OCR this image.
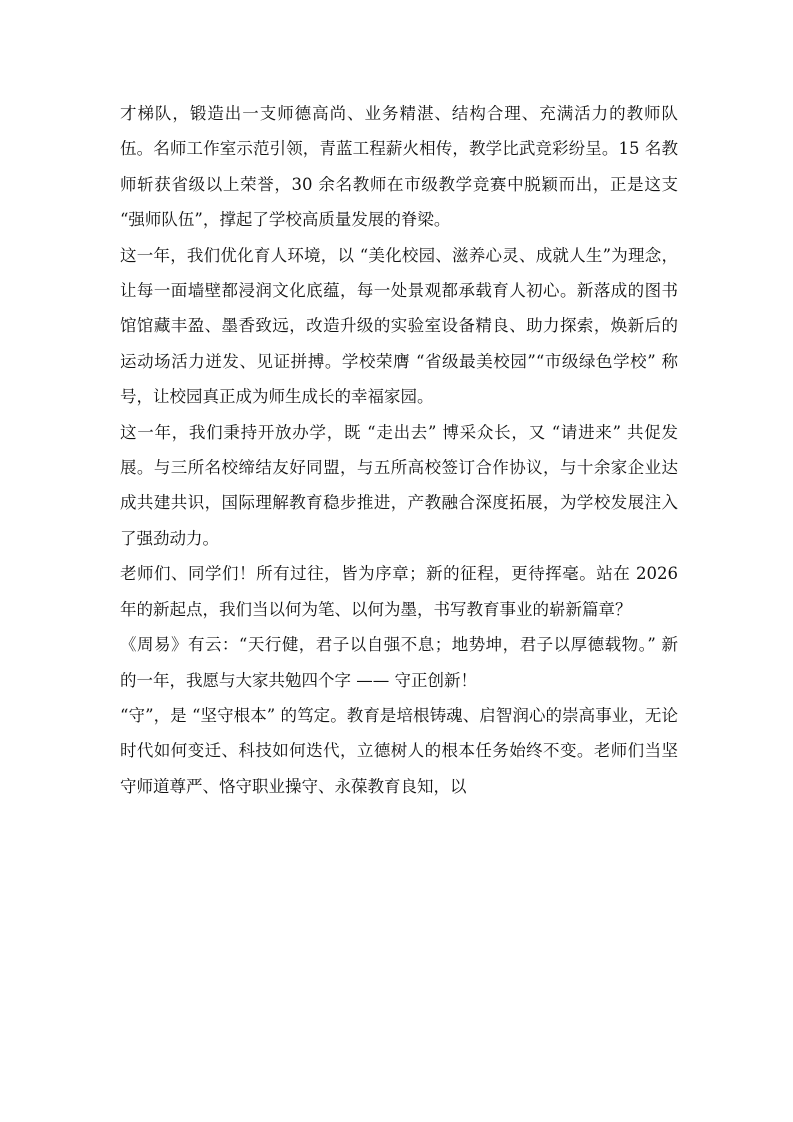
才梯队，锻造出一支师德高尚、业务精湛、结构合理、充满活力的教师队伍。名师工作室示范引领，青蓝工程薪火相传，教学比武竞彩纷呈。15 名教师斩获省级以上荣誉，30 余名教师在市级教学竞赛中脱颖而出，正是这支 “强师队伍”，撑起了学校高质量发展的脊梁。

这一年，我们优化育人环境，以 “美化校园、滋养心灵、成就人生”为理念，让每一面墙壁都浸润文化底蕴，每一处景观都承载育人初心。新落成的图书馆馆藏丰盈、墨香致远，改造升级的实验室设备精良、助力探索，焕新后的运动场活力迸发、见证拼搏。学校荣膺 “省级最美校园”“市级绿色学校” 称号，让校园真正成为师生成长的幸福家园。

这一年，我们秉持开放办学，既 “走出去” 博采众长，又 “请进来” 共促发展。与三所名校缔结友好同盟，与五所高校签订合作协议，与十余家企业达成共建共识，国际理解教育稳步推进，产教融合深度拓展，为学校发展注入了强劲动力。

老师们、同学们！所有过往，皆为序章；新的征程，更待挥毫。站在 2026 年的新起点，我们当以何为笔、以何为墨，书写教育事业的崭新篇章？

《周易》有云：“天行健，君子以自强不息；地势坤，君子以厚德载物。” 新的一年，我愿与大家共勉四个字 —— 守正创新！

“守”，是 “坚守根本” 的笃定。教育是培根铸魂、启智润心的崇高事业，无论时代如何变迁、科技如何迭代，立德树人的根本任务始终不变。老师们当坚守师道尊严、恪守职业操守、永葆教育良知，以
